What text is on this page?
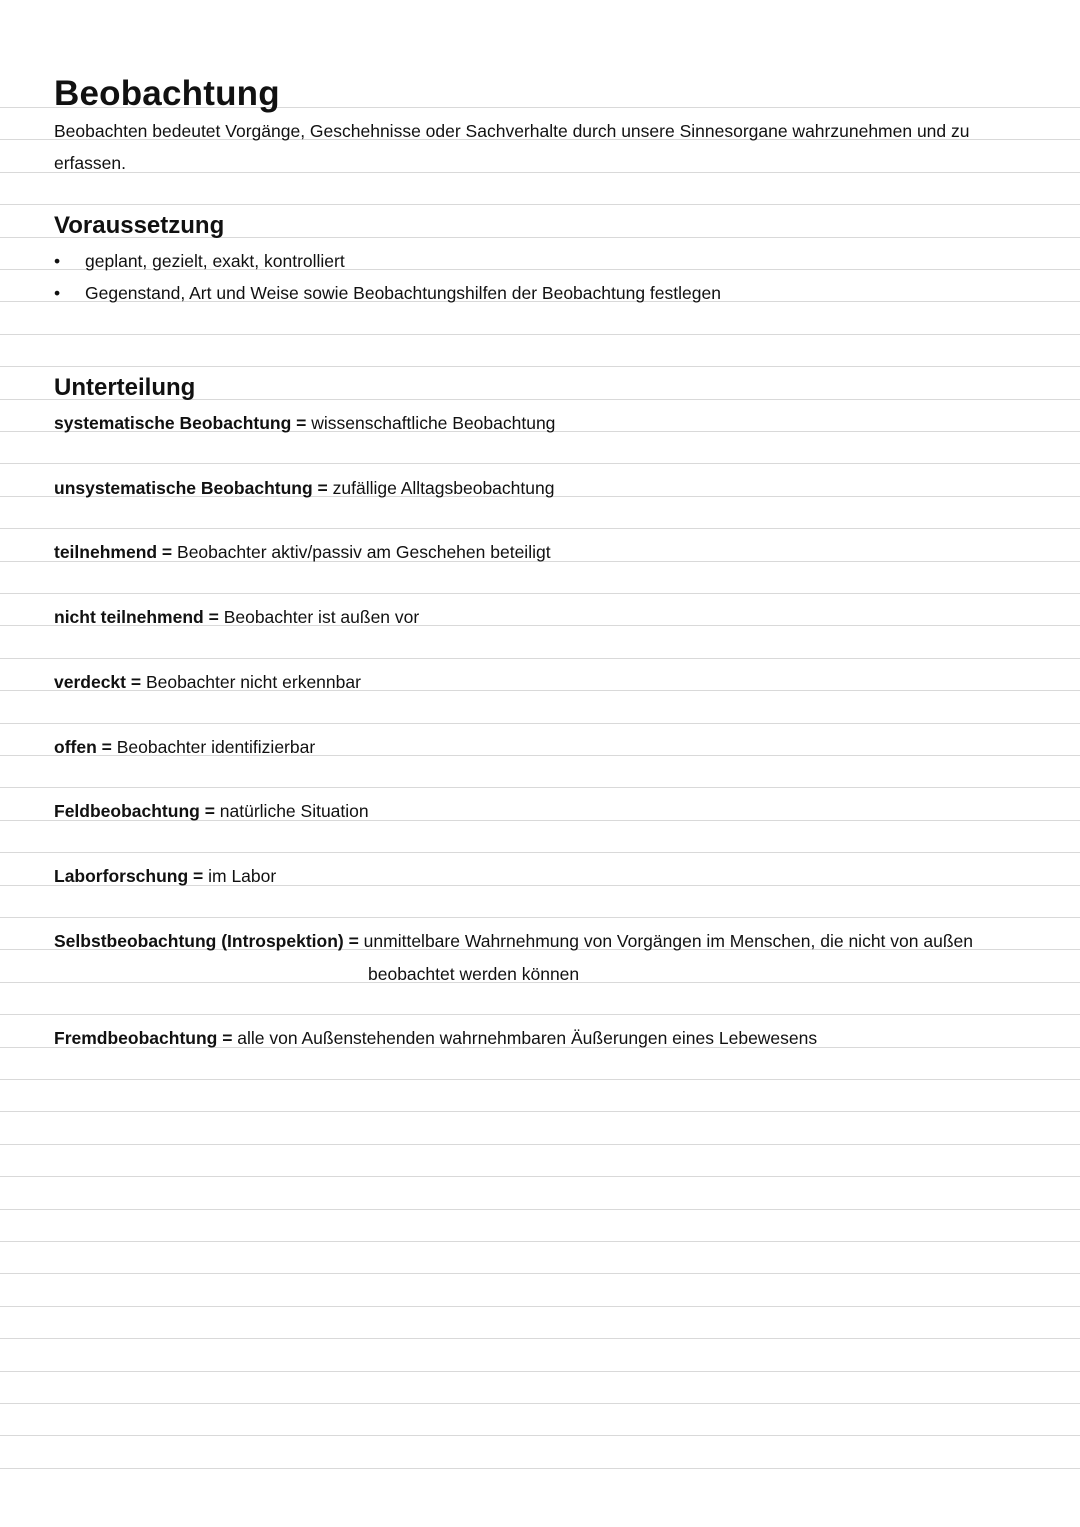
Beobachtung
Beobachten bedeutet Vorgänge, Geschehnisse oder Sachverhalte durch unsere Sinnesorgane wahrzunehmen und zu
erfassen.
Voraussetzung
• geplant, gezielt, exakt, kontrolliert
• Gegenstand, Art und Weise sowie Beobachtungshilfen der Beobachtung festlegen
Unterteilung
systematische Beobachtung = wissenschaftliche Beobachtung
unsystematische Beobachtung = zufällige Alltagsbeobachtung
teilnehmend = Beobachter aktiv/passiv am Geschehen beteiligt
nicht teilnehmend = Beobachter ist außen vor
verdeckt = Beobachter nicht erkennbar
offen = Beobachter identifizierbar
Feldbeobachtung = natürliche Situation
Laborforschung = im Labor
Selbstbeobachtung (Introspektion) = unmittelbare Wahrnehmung von Vorgängen im Menschen, die nicht von außen
beobachtet werden können
Fremdbeobachtung = alle von Außenstehenden wahrnehmbaren Äußerungen eines Lebewesens
